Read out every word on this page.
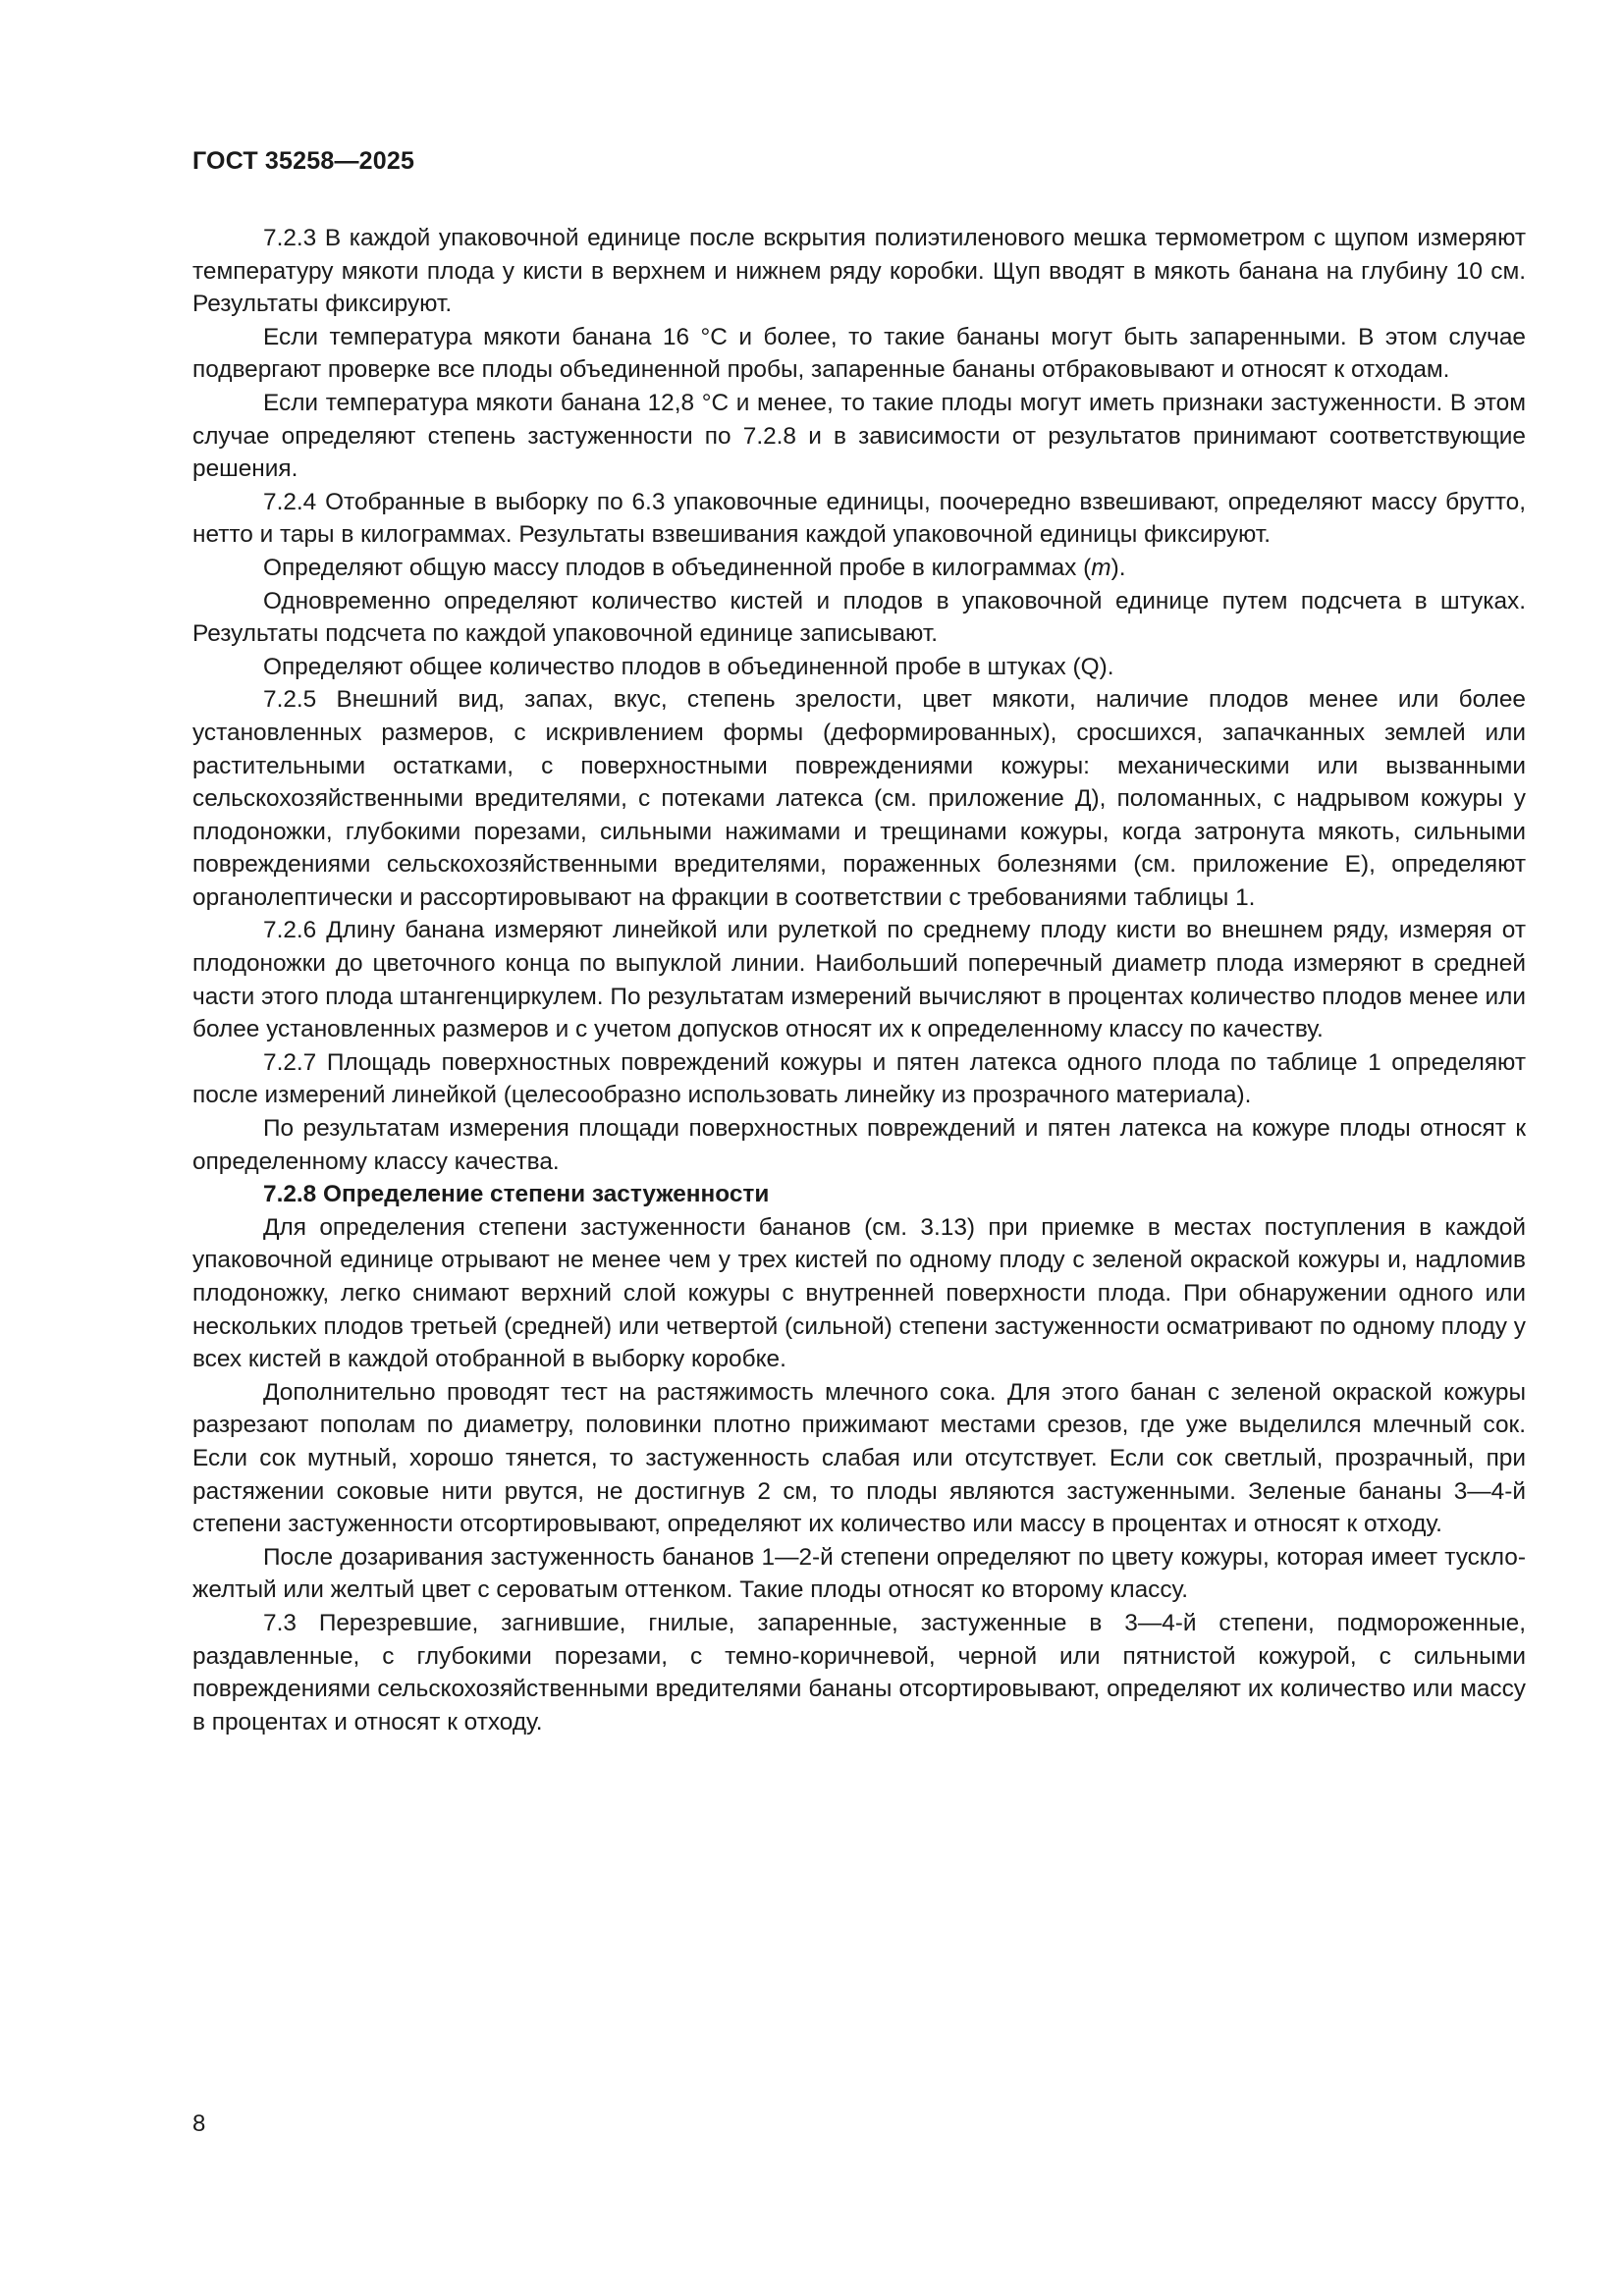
ГОСТ 35258—2025

7.2.3 В каждой упаковочной единице после вскрытия полиэтиленового мешка термометром с щупом измеряют температуру мякоти плода у кисти в верхнем и нижнем ряду коробки. Щуп вводят в мякоть банана на глубину 10 см. Результаты фиксируют.

Если температура мякоти банана 16 °С и более, то такие бананы могут быть запаренными. В этом случае подвергают проверке все плоды объединенной пробы, запаренные бананы отбраковывают и относят к отходам.

Если температура мякоти банана 12,8 °С и менее, то такие плоды могут иметь признаки застуженности. В этом случае определяют степень застуженности по 7.2.8 и в зависимости от результатов принимают соответствующие решения.

7.2.4 Отобранные в выборку по 6.3 упаковочные единицы, поочередно взвешивают, определяют массу брутто, нетто и тары в килограммах. Результаты взвешивания каждой упаковочной единицы фиксируют.

Определяют общую массу плодов в объединенной пробе в килограммах (m).

Одновременно определяют количество кистей и плодов в упаковочной единице путем подсчета в штуках. Результаты подсчета по каждой упаковочной единице записывают.

Определяют общее количество плодов в объединенной пробе в штуках (Q).

7.2.5 Внешний вид, запах, вкус, степень зрелости, цвет мякоти, наличие плодов менее или более установленных размеров, с искривлением формы (деформированных), сросшихся, запачканных землей или растительными остатками, с поверхностными повреждениями кожуры: механическими или вызванными сельскохозяйственными вредителями, с потеками латекса (см. приложение Д), поломанных, с надрывом кожуры у плодоножки, глубокими порезами, сильными нажимами и трещинами кожуры, когда затронута мякоть, сильными повреждениями сельскохозяйственными вредителями, пораженных болезнями (см. приложение Е), определяют органолептически и рассортировывают на фракции в соответствии с требованиями таблицы 1.

7.2.6 Длину банана измеряют линейкой или рулеткой по среднему плоду кисти во внешнем ряду, измеряя от плодоножки до цветочного конца по выпуклой линии. Наибольший поперечный диаметр плода измеряют в средней части этого плода штангенциркулем. По результатам измерений вычисляют в процентах количество плодов менее или более установленных размеров и с учетом допусков относят их к определенному классу по качеству.

7.2.7 Площадь поверхностных повреждений кожуры и пятен латекса одного плода по таблице 1 определяют после измерений линейкой (целесообразно использовать линейку из прозрачного материала).

По результатам измерения площади поверхностных повреждений и пятен латекса на кожуре плоды относят к определенному классу качества.

7.2.8 Определение степени застуженности

Для определения степени застуженности бананов (см. 3.13) при приемке в местах поступления в каждой упаковочной единице отрывают не менее чем у трех кистей по одному плоду с зеленой окраской кожуры и, надломив плодоножку, легко снимают верхний слой кожуры с внутренней поверхности плода. При обнаружении одного или нескольких плодов третьей (средней) или четвертой (сильной) степени застуженности осматривают по одному плоду у всех кистей в каждой отобранной в выборку коробке.

Дополнительно проводят тест на растяжимость млечного сока. Для этого банан с зеленой окраской кожуры разрезают пополам по диаметру, половинки плотно прижимают местами срезов, где уже выделился млечный сок. Если сок мутный, хорошо тянется, то застуженность слабая или отсутствует. Если сок светлый, прозрачный, при растяжении соковые нити рвутся, не достигнув 2 см, то плоды являются застуженными. Зеленые бананы 3—4-й степени застуженности отсортировывают, определяют их количество или массу в процентах и относят к отходу.

После дозаривания застуженность бананов 1—2-й степени определяют по цвету кожуры, которая имеет тускло-желтый или желтый цвет с сероватым оттенком. Такие плоды относят ко второму классу.

7.3 Перезревшие, загнившие, гнилые, запаренные, застуженные в 3—4-й степени, подмороженные, раздавленные, с глубокими порезами, с темно-коричневой, черной или пятнистой кожурой, с сильными повреждениями сельскохозяйственными вредителями бананы отсортировывают, определяют их количество или массу в процентах и относят к отходу.

8
